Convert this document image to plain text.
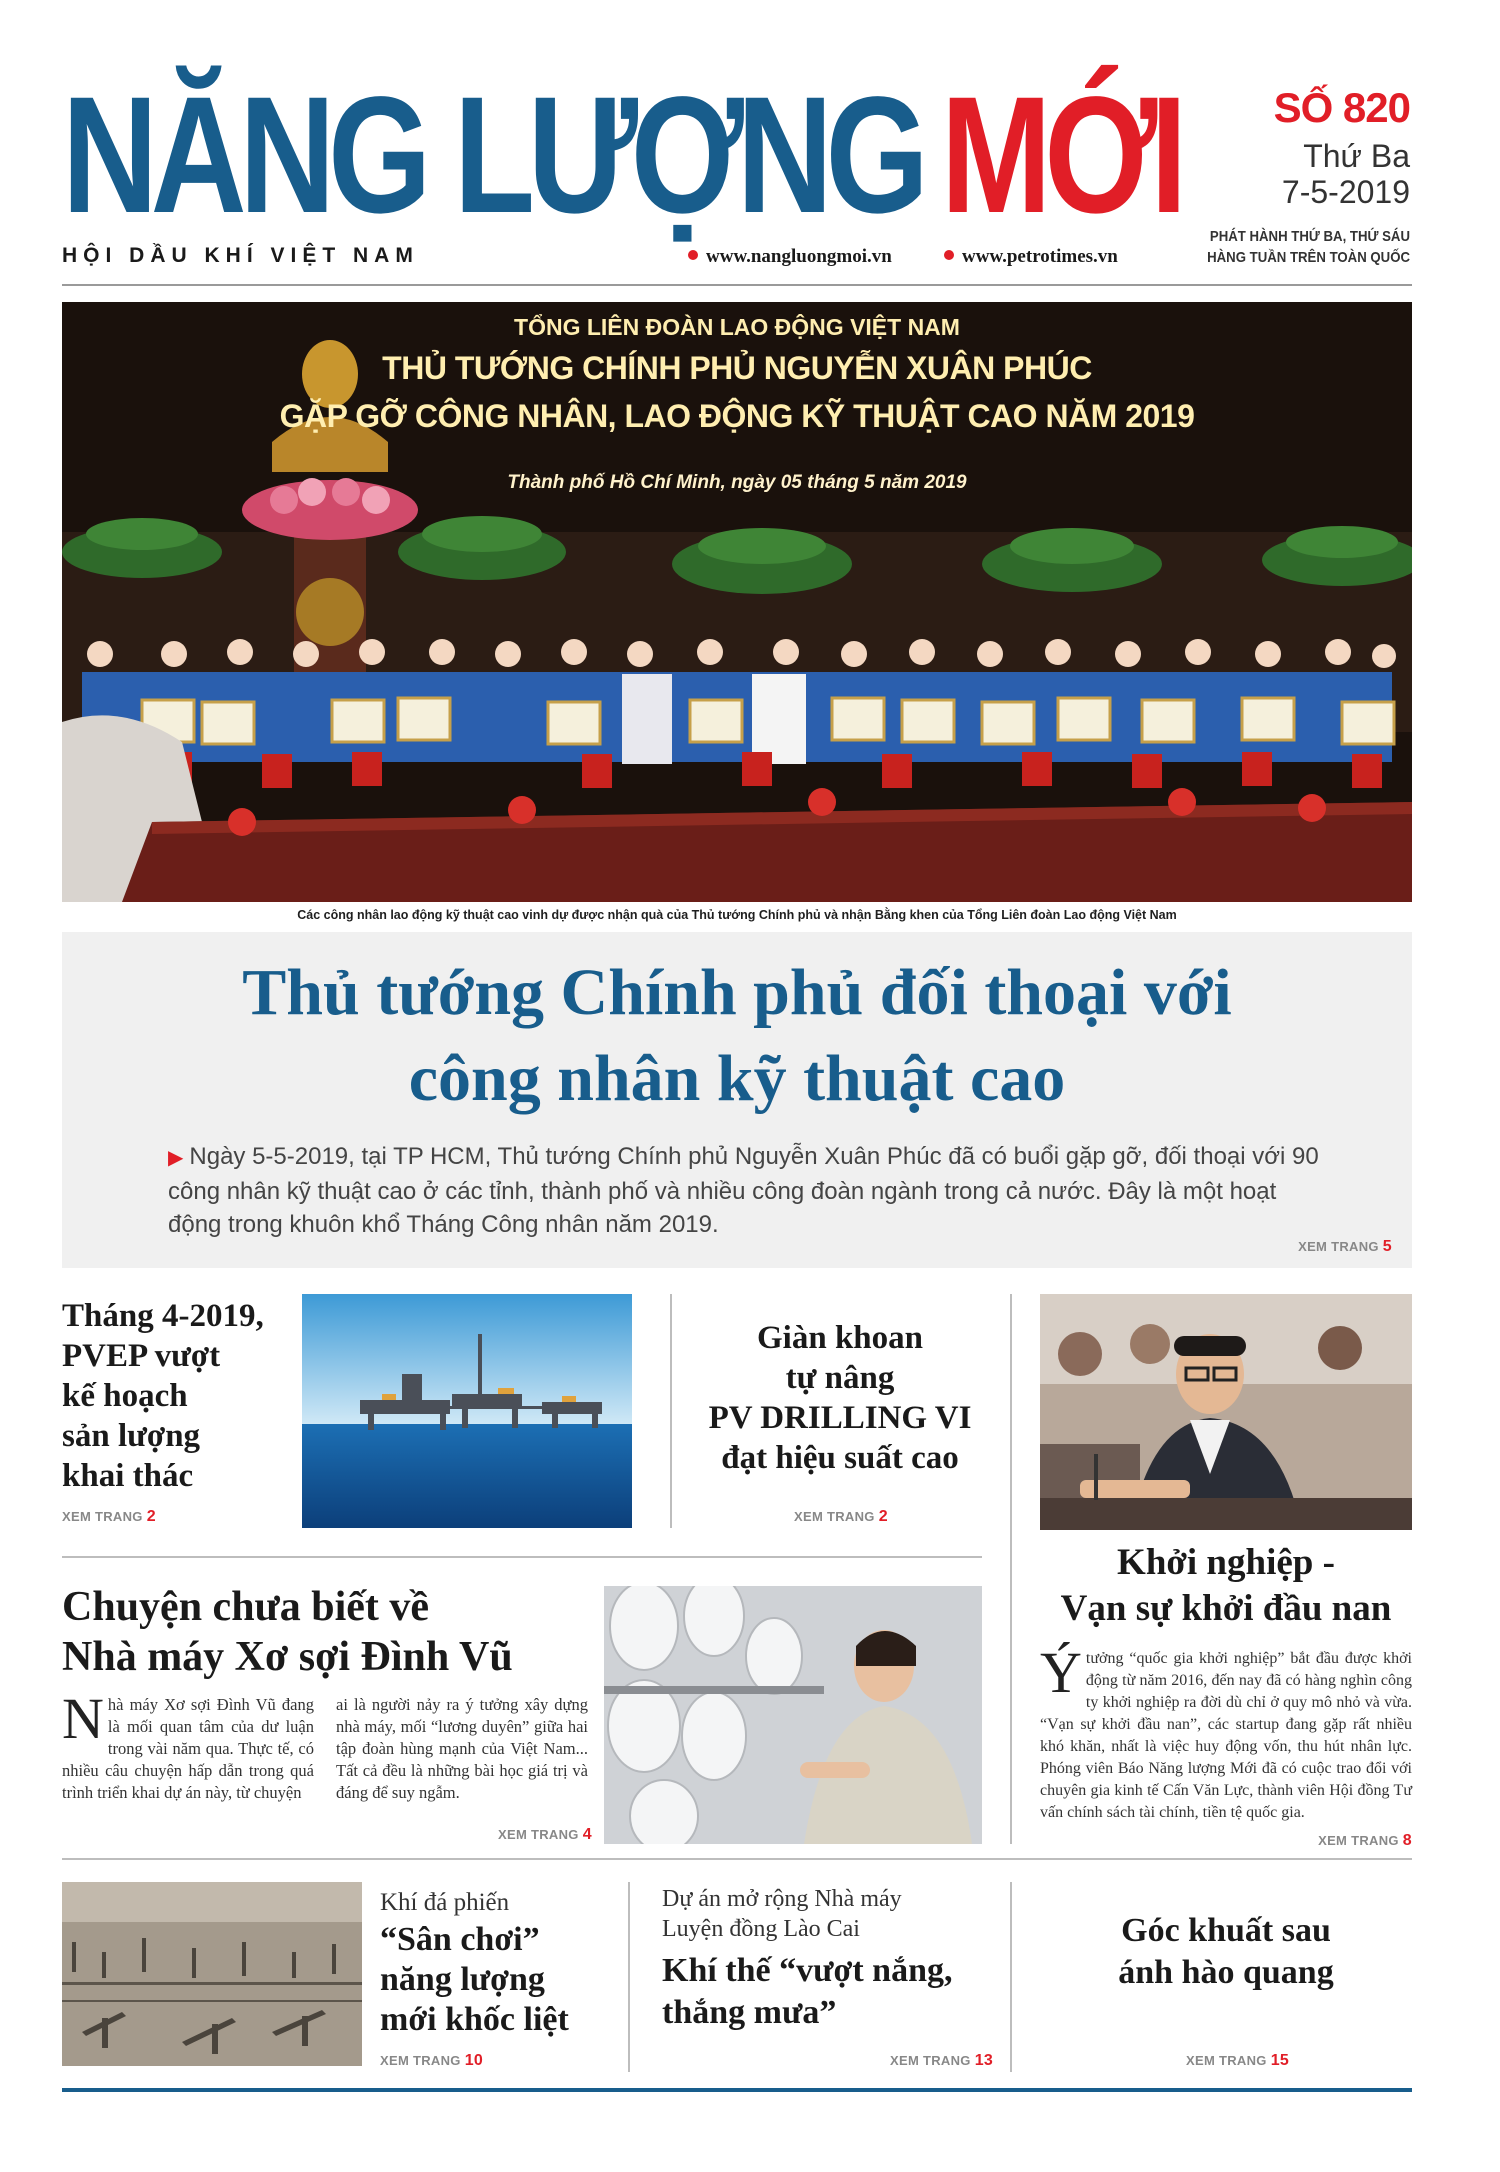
NĂNG LƯỢNG MỚI
HỘI DẦU KHÍ VIỆT NAM	www.nangluongmoi.vn	www.petrotimes.vn
SỐ 820
Thứ Ba
7-5-2019
PHÁT HÀNH THỨ BA, THỨ SÁU
HÀNG TUẦN TRÊN TOÀN QUỐC
TỔNG LIÊN ĐOÀN LAO ĐỘNG VIỆT NAM
THỦ TƯỚNG CHÍNH PHỦ NGUYỄN XUÂN PHÚC
GẶP GỠ CÔNG NHÂN, LAO ĐỘNG KỸ THUẬT CAO NĂM 2019
Thành phố Hồ Chí Minh, ngày 05 tháng 5 năm 2019
Các công nhân lao động kỹ thuật cao vinh dự được nhận quà của Thủ tướng Chính phủ và nhận Bằng khen của Tổng Liên đoàn Lao động Việt Nam
Thủ tướng Chính phủ đối thoại với
công nhân kỹ thuật cao
▶ Ngày 5-5-2019, tại TP HCM, Thủ tướng Chính phủ Nguyễn Xuân Phúc đã có buổi gặp gỡ, đối thoại với 90 công nhân kỹ thuật cao ở các tỉnh, thành phố và nhiều công đoàn ngành trong cả nước. Đây là một hoạt động trong khuôn khổ Tháng Công nhân năm 2019.
XEM TRANG 5
Tháng 4-2019,
PVEP vượt
kế hoạch
sản lượng
khai thác
XEM TRANG 2
Giàn khoan
tự nâng
PV DRILLING VI
đạt hiệu suất cao
XEM TRANG 2
Khởi nghiệp -
Vạn sự khởi đầu nan
Ýtưởng “quốc gia khởi nghiệp” bắt đầu được khởi động từ năm 2016, đến nay đã có hàng nghìn công ty khởi nghiệp ra đời dù chỉ ở quy mô nhỏ và vừa. “Vạn sự khởi đầu nan”, các startup đang gặp rất nhiều khó khăn, nhất là việc huy động vốn, thu hút nhân lực. Phóng viên Báo Năng lượng Mới đã có cuộc trao đổi với chuyên gia kinh tế Cấn Văn Lực, thành viên Hội đồng Tư vấn chính sách tài chính, tiền tệ quốc gia.
XEM TRANG 8
Chuyện chưa biết về
Nhà máy Xơ sợi Đình Vũ
Nhà máy Xơ sợi Đình Vũ đang là mối quan tâm của dư luận trong vài năm qua. Thực tế, có nhiều câu chuyện hấp dẫn trong quá trình triển khai dự án này, từ chuyện
ai là người nảy ra ý tưởng xây dựng nhà máy, mối “lương duyên” giữa hai tập đoàn hùng mạnh của Việt Nam... Tất cả đều là những bài học giá trị và đáng để suy ngẫm.
XEM TRANG 4
Khí đá phiến
“Sân chơi”
năng lượng
mới khốc liệt
XEM TRANG 10
Dự án mở rộng Nhà máy
Luyện đồng Lào Cai
Khí thế “vượt nắng,
thắng mưa”
XEM TRANG 13
Góc khuất sau
ánh hào quang
XEM TRANG 15
